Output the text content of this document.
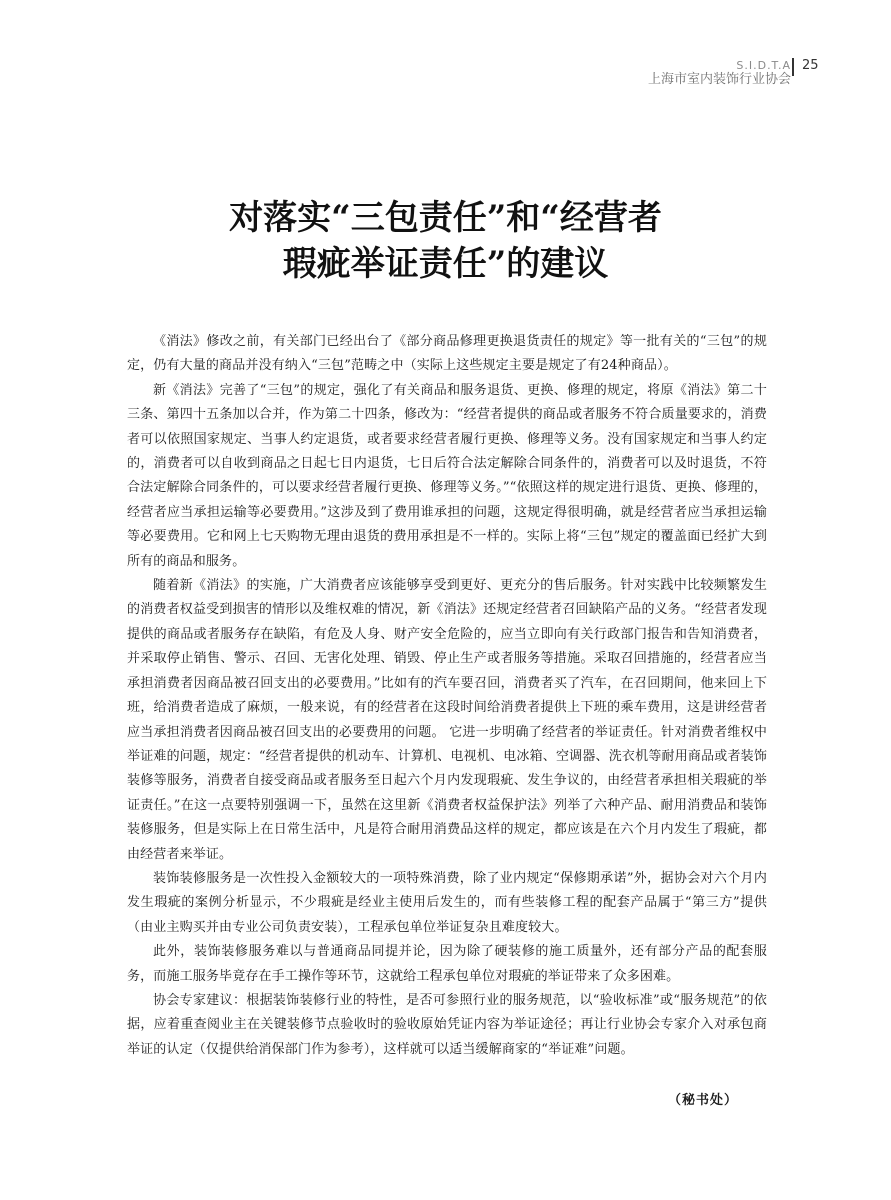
S.I.D.T.A
上海市室内装饰行业协会
25
对落实“三包责任”和“经营者
瑕疵举证责任”的建议

《消法》修改之前，有关部门已经出台了《部分商品修理更换退货责任的规定》等一批有关的“三包”的规定，仍有大量的商品并没有纳入“三包”范畴之中（实际上这些规定主要是规定了有24种商品）。

新《消法》完善了“三包”的规定，强化了有关商品和服务退货、更换、修理的规定，将原《消法》第二十三条、第四十五条加以合并，作为第二十四条，修改为：“经营者提供的商品或者服务不符合质量要求的，消费者可以依照国家规定、当事人约定退货，或者要求经营者履行更换、修理等义务。没有国家规定和当事人约定的，消费者可以自收到商品之日起七日内退货，七日后符合法定解除合同条件的，消费者可以及时退货，不符合法定解除合同条件的，可以要求经营者履行更换、修理等义务。”“依照这样的规定进行退货、更换、修理的，经营者应当承担运输等必要费用。”这涉及到了费用谁承担的问题，这规定得很明确，就是经营者应当承担运输等必要费用。它和网上七天购物无理由退货的费用承担是不一样的。实际上将“三包”规定的覆盖面已经扩大到所有的商品和服务。

随着新《消法》的实施，广大消费者应该能够享受到更好、更充分的售后服务。针对实践中比较频繁发生的消费者权益受到损害的情形以及维权难的情况，新《消法》还规定经营者召回缺陷产品的义务。“经营者发现提供的商品或者服务存在缺陷，有危及人身、财产安全危险的，应当立即向有关行政部门报告和告知消费者，并采取停止销售、警示、召回、无害化处理、销毁、停止生产或者服务等措施。采取召回措施的，经营者应当承担消费者因商品被召回支出的必要费用。”比如有的汽车要召回，消费者买了汽车，在召回期间，他来回上下班，给消费者造成了麻烦，一般来说，有的经营者在这段时间给消费者提供上下班的乘车费用，这是讲经营者应当承担消费者因商品被召回支出的必要费用的问题。 它进一步明确了经营者的举证责任。针对消费者维权中举证难的问题，规定：“经营者提供的机动车、计算机、电视机、电冰箱、空调器、洗衣机等耐用商品或者装饰装修等服务，消费者自接受商品或者服务至日起六个月内发现瑕疵、发生争议的，由经营者承担相关瑕疵的举证责任。”在这一点要特别强调一下，虽然在这里新《消费者权益保护法》列举了六种产品、耐用消费品和装饰装修服务，但是实际上在日常生活中，凡是符合耐用消费品这样的规定，都应该是在六个月内发生了瑕疵，都由经营者来举证。

装饰装修服务是一次性投入金额较大的一项特殊消费，除了业内规定“保修期承诺”外，据协会对六个月内发生瑕疵的案例分析显示，不少瑕疵是经业主使用后发生的，而有些装修工程的配套产品属于“第三方”提供（由业主购买并由专业公司负责安装），工程承包单位举证复杂且难度较大。

此外，装饰装修服务难以与普通商品同提并论，因为除了硬装修的施工质量外，还有部分产品的配套服务，而施工服务毕竟存在手工操作等环节，这就给工程承包单位对瑕疵的举证带来了众多困难。

协会专家建议：根据装饰装修行业的特性，是否可参照行业的服务规范，以“验收标准”或“服务规范”的依据，应着重查阅业主在关键装修节点验收时的验收原始凭证内容为举证途径；再让行业协会专家介入对承包商举证的认定（仅提供给消保部门作为参考），这样就可以适当缓解商家的“举证难”问题。

（秘书处）
